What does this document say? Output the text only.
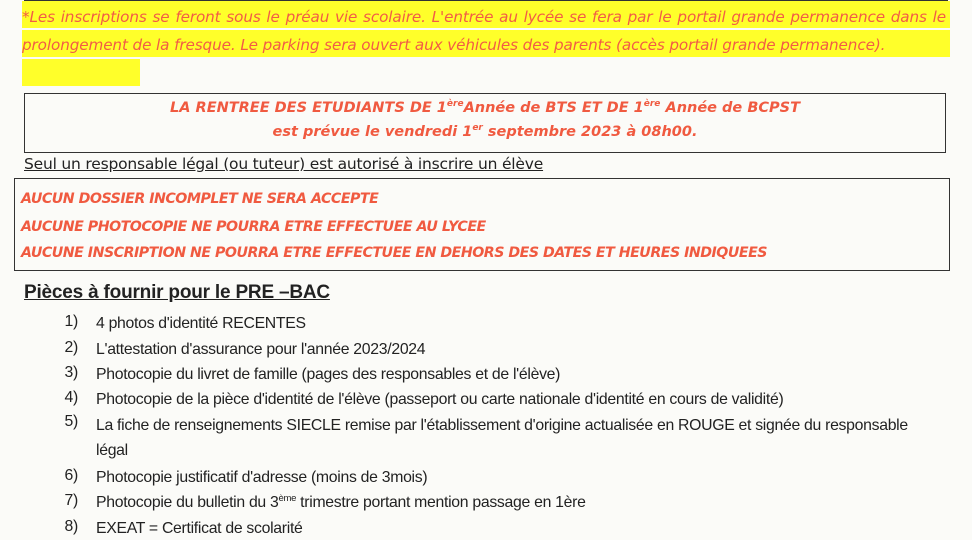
*Les inscriptions se feront sous le préau vie scolaire. L'entrée au lycée se fera par le portail grande permanence dans le prolongement de la fresque. Le parking sera ouvert aux véhicules des parents (accès portail grande permanence).
LA RENTREE DES ETUDIANTS DE 1èreAnnée de BTS ET DE 1ère Année de BCPST
est prévue le vendredi 1er septembre 2023 à 08h00.
Seul un responsable légal (ou tuteur) est autorisé à inscrire un élève
AUCUN DOSSIER INCOMPLET NE SERA ACCEPTE
AUCUNE PHOTOCOPIE NE POURRA ETRE EFFECTUEE AU LYCEE
AUCUNE INSCRIPTION NE POURRA ETRE EFFECTUEE EN DEHORS DES DATES ET HEURES INDIQUEES
Pièces à fournir pour le PRE –BAC
1) 4 photos d'identité RECENTES
2) L'attestation d'assurance pour l'année 2023/2024
3) Photocopie du livret de famille (pages des responsables et de l'élève)
4) Photocopie de la pièce d'identité de l'élève (passeport ou carte nationale d'identité en cours de validité)
5) La fiche de renseignements SIECLE remise par l'établissement d'origine actualisée en ROUGE et signée du responsable légal
6) Photocopie justificatif d'adresse (moins de 3mois)
7) Photocopie du bulletin du 3ème trimestre portant mention passage en 1ère
8) EXEAT = Certificat de scolarité
